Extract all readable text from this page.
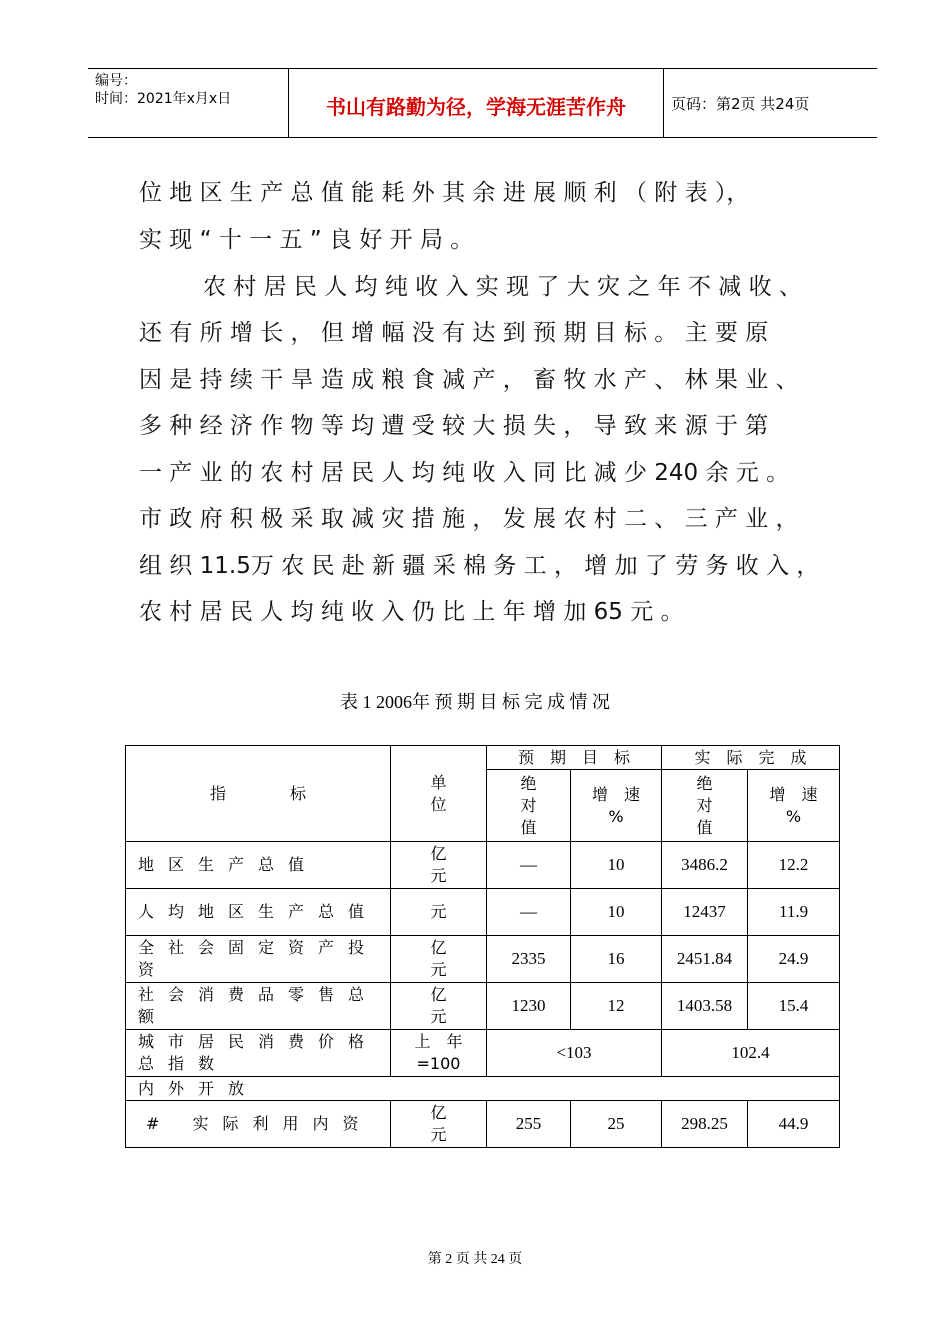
编号：
时间：2021年x月x日	书山有路勤为径，学海无涯苦作舟	页码：第2页 共24页
位 地 区 生 产 总 值 能 耗 外 其 余 进 展 顺 利 （ 附 表 ），
实 现 “ 十 一 五 ” 良 好 开 局 。
农 村 居 民 人 均 纯 收 入 实 现 了 大 灾 之 年 不 减 收 、
还 有 所 增 长 ， 但 增 幅 没 有 达 到 预 期 目 标 。 主 要 原
因 是 持 续 干 旱 造 成 粮 食 减 产 ， 畜 牧 水 产 、 林 果 业 、
多 种 经 济 作 物 等 均 遭 受 较 大 损 失 ， 导 致 来 源 于 第
一 产 业 的 农 村 居 民 人 均 纯 收 入 同 比 减 少 240 余 元 。
市 政 府 积 极 采 取 减 灾 措 施 ， 发 展 农 村 二 、 三 产 业 ，
组 织 11.5万 农 民 赴 新 疆 采 棉 务 工 ， 增 加 了 劳 务 收 入 ，
农 村 居 民 人 均 纯 收 入 仍 比 上 年 增 加 65 元 。
表 1 2006年 预 期 目 标 完 成 情 况
指　　　　标	单
位	预　期　目　标		实　际　完　成	
		绝
对
值	增　速
%	绝
对
值	增　速
%
地区生产总值	亿
元	—	10	3486.2	12.2
人均地区生产总值	元	—	10	12437	11.9
全社会固定资产投资	亿
元	2335	16	2451.84	24.9
社会消费品零售总额	亿
元	1230	12	1403.58	15.4
城市居民消费价格总指数	上　年
=100	<103		102.4	
内外开放					
# 实际利用内资	亿
元	255	25	298.25	44.9
第 2 页 共 24 页
